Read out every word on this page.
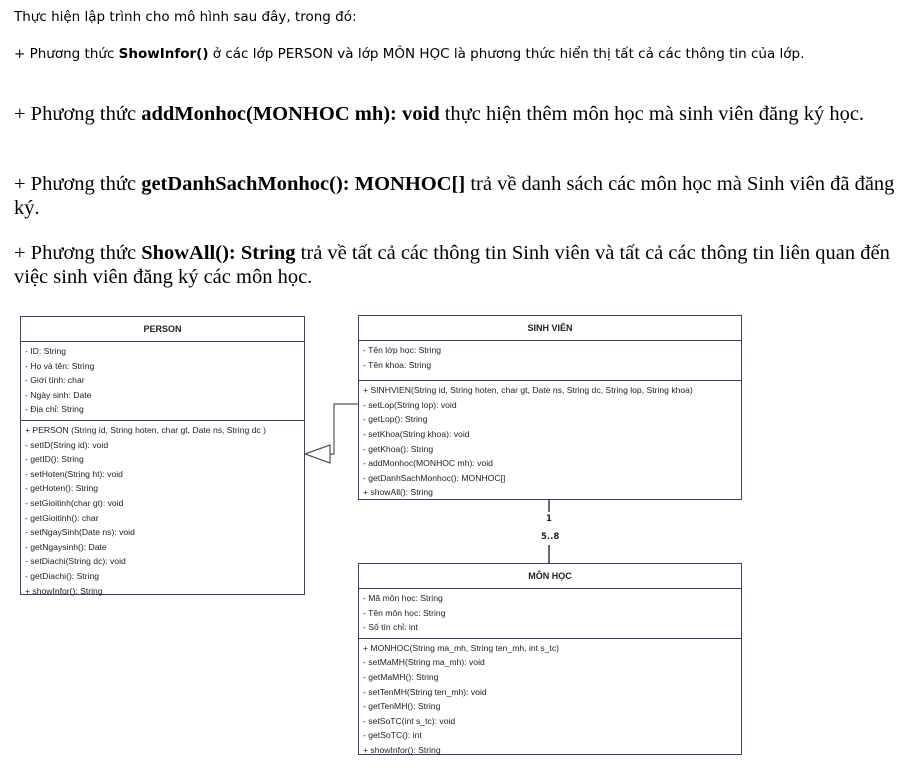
Thực hiện lập trình cho mô hình sau đây, trong đó:
+ Phương thức ShowInfor() ở các lớp PERSON và lớp MÔN HỌC là phương thức hiển thị tất cả các thông tin của lớp.
+ Phương thức addMonhoc(MONHOC mh): void thực hiện thêm môn học mà sinh viên đăng ký học.
+ Phương thức getDanhSachMonhoc(): MONHOC[] trả về danh sách các môn học mà Sinh viên đã đăng ký.
+ Phương thức ShowAll(): String trả về tất cả các thông tin Sinh viên và tất cả các thông tin liên quan đến việc sinh viên đăng ký các môn học.
1
5..8
PERSON
- ID: String
- Họ và tên: String
- Giới tính: char
- Ngày sinh: Date
- Địa chỉ: String
+ PERSON (String id, String hoten, char gt, Date ns, String dc )
- setID(String id): void
- getID(): String
- setHoten(String ht): void
- getHoten(): String
- setGioitinh(char gt): void
- getGioitinh(): char
- setNgaySinh(Date ns): void
- getNgaysinh(): Date
- setDiachi(String dc): void
- getDiachi(): String
+ showInfor(): String
SINH VIÊN
- Tên lớp học: String
- Tên khoa: String
+ SINHVIEN(String id, String hoten, char gt, Date ns, String dc, String lop, String khoa)
- setLop(String lop): void
- getLop(): String
- setKhoa(String khoa): void
- getKhoa(): String
- addMonhoc(MONHOC mh): void
- getDanhSachMonhoc(): MONHOC[]
+ showAll(): String
MÔN HỌC
- Mã môn học: String
- Tên môn học: String
- Số tín chỉ: int
+ MONHOC(String ma_mh, String ten_mh, int s_tc)
- setMaMH(String ma_mh): void
- getMaMH(): String
- setTenMH(String ten_mh): void
- getTenMH(): String
- setSoTC(int s_tc): void
- getSoTC(): int
+ showInfor(): String
